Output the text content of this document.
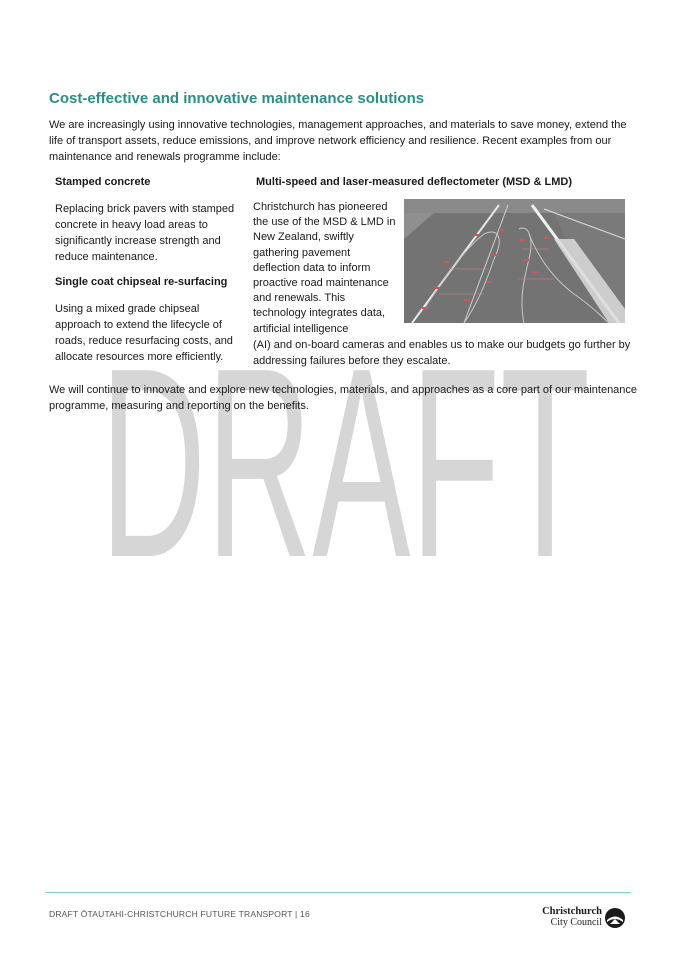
DRAFT
Cost-effective and innovative maintenance solutions

We are increasingly using innovative technologies, management approaches, and materials to save money, extend the life of transport assets, reduce emissions, and improve network efficiency and resilience. Recent examples from our maintenance and renewals programme include:

Stamped concrete	Multi-speed and laser-measured deflectometer (MSD & LMD)

Replacing brick pavers with stamped concrete in heavy load areas to significantly increase strength and reduce maintenance.

Single coat chipseal re-surfacing

Using a mixed grade chipseal approach to extend the lifecycle of roads, reduce resurfacing costs, and allocate resources more efficiently.

Christchurch has pioneered the use of the MSD & LMD in New Zealand, swiftly gathering pavement deflection data to inform proactive road maintenance and renewals. This technology integrates data, artificial intelligence

(AI) and on-board cameras and enables us to make our budgets go further by addressing failures before they escalate.

We will continue to innovate and explore new technologies, materials, and approaches as a core part of our maintenance programme, measuring and reporting on the benefits.

DRAFT ŌTAUTAHI-CHRISTCHURCH FUTURE TRANSPORT | 16	Christchurch

City Council
